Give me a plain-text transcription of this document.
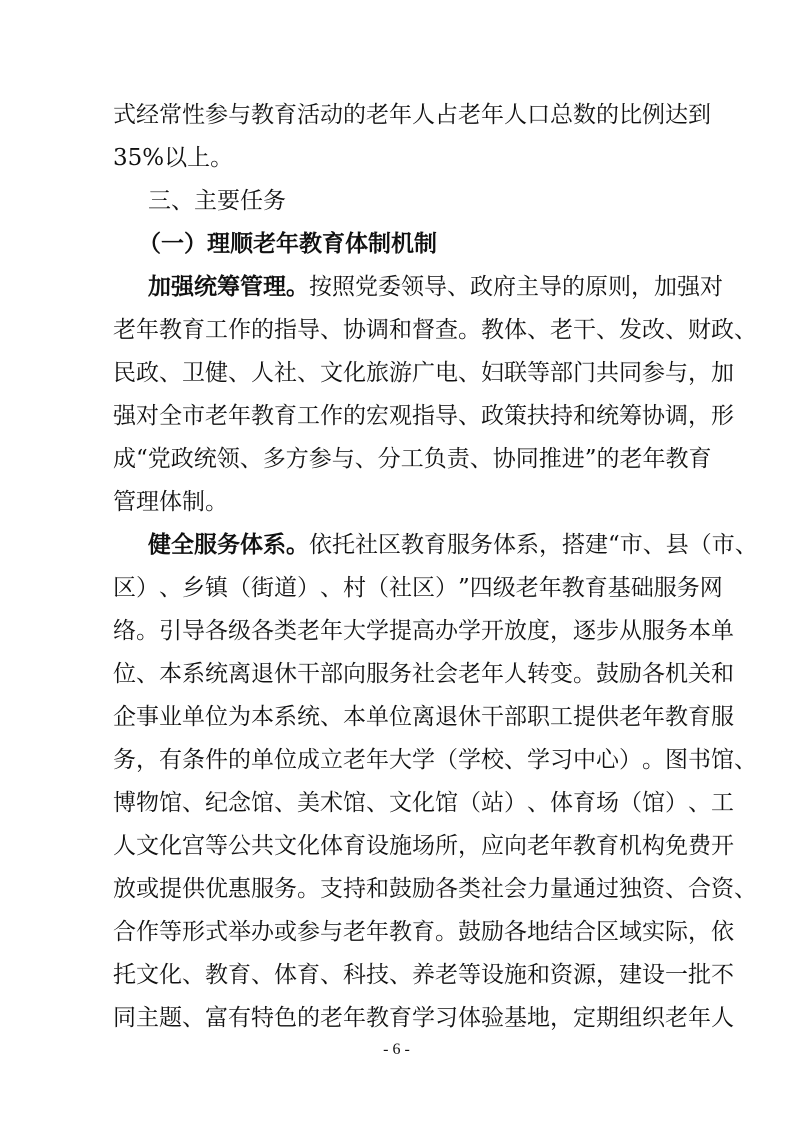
式 经 常 性 参 与 教 育 活 动 的 老 年 人 占 老 年 人 口 总 数 的 比 例 达 到
35%以上。
三、主要任务
（一）理顺老年教育体制机制
加 强 统 筹 管 理 。 按 照 党 委 领 导 、 政 府 主 导 的 原 则 ， 加 强 对
老 年 教 育 工 作 的 指 导 、 协 调 和 督 查 。 教 体 、 老 干 、 发 改 、 财 政 、
民 政 、 卫 健 、 人 社 、 文 化 旅 游 广 电 、 妇 联 等 部 门 共 同 参 与 ， 加
强 对 全 市 老 年 教 育 工 作 的 宏 观 指 导 、 政 策 扶 持 和 统 筹 协 调 ， 形
成 “ 党 政 统 领 、 多 方 参 与 、 分 工 负 责 、 协 同 推 进 ” 的 老 年 教 育
管理体制。
健 全 服 务 体 系 。 依 托 社 区 教 育 服 务 体 系 ， 搭 建 “ 市 、 县 （ 市 、
区 ） 、 乡 镇 （ 街 道 ） 、 村 （ 社 区 ） ” 四 级 老 年 教 育 基 础 服 务 网
络 。 引 导 各 级 各 类 老 年 大 学 提 高 办 学 开 放 度 ， 逐 步 从 服 务 本 单
位 、 本 系 统 离 退 休 干 部 向 服 务 社 会 老 年 人 转 变 。 鼓 励 各 机 关 和
企 事 业 单 位 为 本 系 统 、 本 单 位 离 退 休 干 部 职 工 提 供 老 年 教 育 服
务 ， 有 条 件 的 单 位 成 立 老 年 大 学 （ 学 校 、 学 习 中 心 ） 。 图 书 馆 、
博 物 馆 、 纪 念 馆 、 美 术 馆 、 文 化 馆 （ 站 ） 、 体 育 场 （ 馆 ） 、 工
人 文 化 宫 等 公 共 文 化 体 育 设 施 场 所 ， 应 向 老 年 教 育 机 构 免 费 开
放 或 提 供 优 惠 服 务 。 支 持 和 鼓 励 各 类 社 会 力 量 通 过 独 资 、 合 资 、
合 作 等 形 式 举 办 或 参 与 老 年 教 育 。 鼓 励 各 地 结 合 区 域 实 际 ， 依
托 文 化 、 教 育 、 体 育 、 科 技 、 养 老 等 设 施 和 资 源 ， 建 设 一 批 不
同 主 题 、 富 有 特 色 的 老 年 教 育 学 习 体 验 基 地 ， 定 期 组 织 老 年 人
- 6 -
